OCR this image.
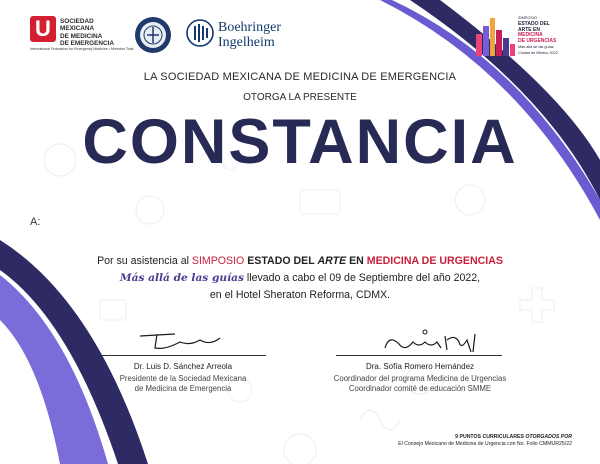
U	SOCIEDAD MEXICANA
DE MEDICINA
DE EMERGENCIA
International Federation for Emergency Medicine • Miembro Total
Boehringer
Ingelheim
SIMPOSIO
ESTADO DEL
ARTE EN
MEDICINA
DE URGENCIAS
Más allá de las guías
Ciudad de México 2022
LA SOCIEDAD MEXICANA DE MEDICINA DE EMERGENCIA
OTORGA LA PRESENTE
CONSTANCIA
A:
Por su asistencia al SIMPOSIO ESTADO DEL ARTE EN MEDICINA DE URGENCIAS
Más allá de las guías llevado a cabo el 09 de Septiembre del año 2022,
en el Hotel Sheraton Reforma, CDMX.
Dr. Luis D. Sánchez Arreola
Presidente de la Sociedad Mexicana
de Medicina de Emergencia
Dra. Sofía Romero Hernández
Coordinador del programa Medicina de Urgencias
Coordinador comité de educación SMME
9 PUNTOS CURRICULARES OTORGADOS POR
El Consejo Mexicano de Medicina de Urgencia con No. Folio CMMUR25/22
